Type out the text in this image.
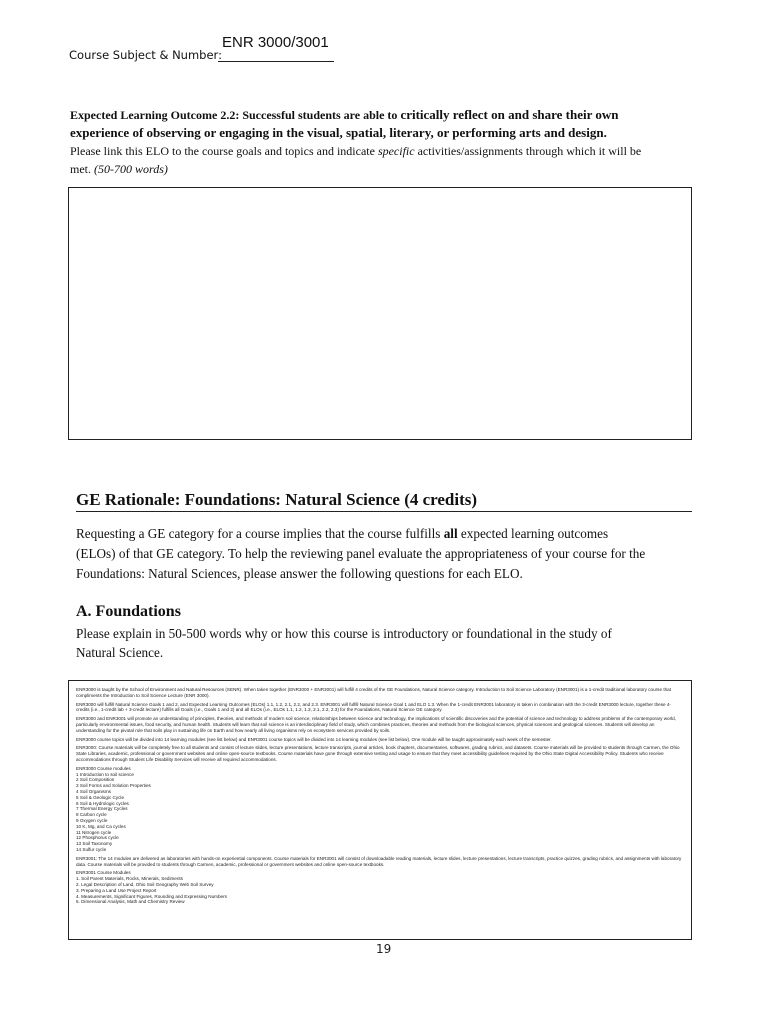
ENR 3000/3001
Course Subject & Number:

Expected Learning Outcome 2.2: Successful students are able to critically reflect on and share their own

experience of observing or engaging in the visual, spatial, literary, or performing arts and design.

Please link this ELO to the course goals and topics and indicate specific activities/assignments through which it will be

met. (50-700 words)

GE Rationale: Foundations: Natural Science (4 credits)

Requesting a GE category for a course implies that the course fulfills all expected learning outcomes

(ELOs) of that GE category. To help the reviewing panel evaluate the appropriateness of your course for the

Foundations: Natural Sciences, please answer the following questions for each ELO.

A. Foundations

Please explain in 50-500 words why or how this course is introductory or foundational in the study of

Natural Science.

ENR3000 is taught by the School of Environment and Natural Resources (SENR). When taken together (ENR3000 + ENR3001) will fulfill 4 credits of the GE Foundations, Natural Science category. Introduction to Soil Science Laboratory (ENR3001) is a 1-credit traditional laboratory course that compliments the Introduction to Soil Science Lecture (ENR 3000).

ENR3000 will fulfill Natural Science Goals 1 and 2, and Expected Learning Outcomes (ELOs) 1.1, 1.2, 2.1, 2.2, and 2.3. ENR3001 will fulfill Natural Science Goal 1 and ELO 1.3. When the 1-credit ENR3001 laboratory is taken in combination with the 3-credit ENR3000 lecture, together these 4-credits (i.e., 1-credit lab + 3-credit lecture) fulfills all Goals (i.e., Goals 1 and 2) and all ELOs (i.e., ELOs 1.1, 1.2, 1.3, 2.1, 2.2, 2.3) for the Foundations, Natural Science GE category.

ENR3000 and ENR3001 will promote an understanding of principles, theories, and methods of modern soil science, relationships between science and technology, the implications of scientific discoveries and the potential of science and technology to address problems of the contemporary world, particularly environmental issues, food security, and human health. Students will learn that soil science is an interdisciplinary field of study, which combines practices, theories and methods from the biological sciences, physical sciences and geological sciences. Students will develop an understanding for the pivotal role that soils play in sustaining life on Earth and how nearly all living organisms rely on ecosystem services provided by soils.

ENR3000 course topics will be divided into 14 learning modules (see list below) and ENR3001 course topics will be divided into 14 learning modules (see list below). One module will be taught approximately each week of the semester.

ENR3000: Course materials will be completely free to all students and consist of lecture slides, lecture presentations, lecture transcripts, journal articles, book chapters, documentaries, softwares, grading rubrics, and datasets. Course materials will be provided to students through Carmen, the Ohio State Libraries, academic, professional or government websites and online open-source textbooks. Course materials have gone through extensive testing and usage to ensure that they meet accessibility guidelines required by the Ohio State Digital Accessibility Policy. Students who receive accommodations through Student Life Disability Services will receive all required accommodations.

ENR3000 Course modules

1 Introduction to soil science

2 Soil Composition

3 Soil Forms and Solution Properties

4 Soil Organisms

5 Soil & Geologic Cycle

6 Soil & Hydrologic cycles

7 Thermal Energy Cycles

8 Carbon cycle

9 Oxygen cycle

10 K, Mg, and Ca cycles

11 Nitrogen cycle

12 Phosphorus cycle

13 Soil Taxonomy

14 Sulfur cycle

ENR3001: The 14 modules are delivered as laboratories with hands-on experiential components. Course materials for ENR3001 will consist of downloadable reading materials, lecture slides, lecture presentations, lecture transcripts, practice quizzes, grading rubrics, and assignments with laboratory data. Course materials will be provided to students through Carmen, academic, professional or government websites and online open-source textbooks.

ENR3001 Course Modules

1. Soil Parent Materials, Rocks, Minerals, Sediments

2. Legal Description of Land, Ohio Soil Geography Web Soil Survey

3. Preparing a Land Use Project Report

4. Measurements, Significant Figures, Rounding and Expressing Numbers

5. Dimensional Analysis, Math and Chemistry Review

19
